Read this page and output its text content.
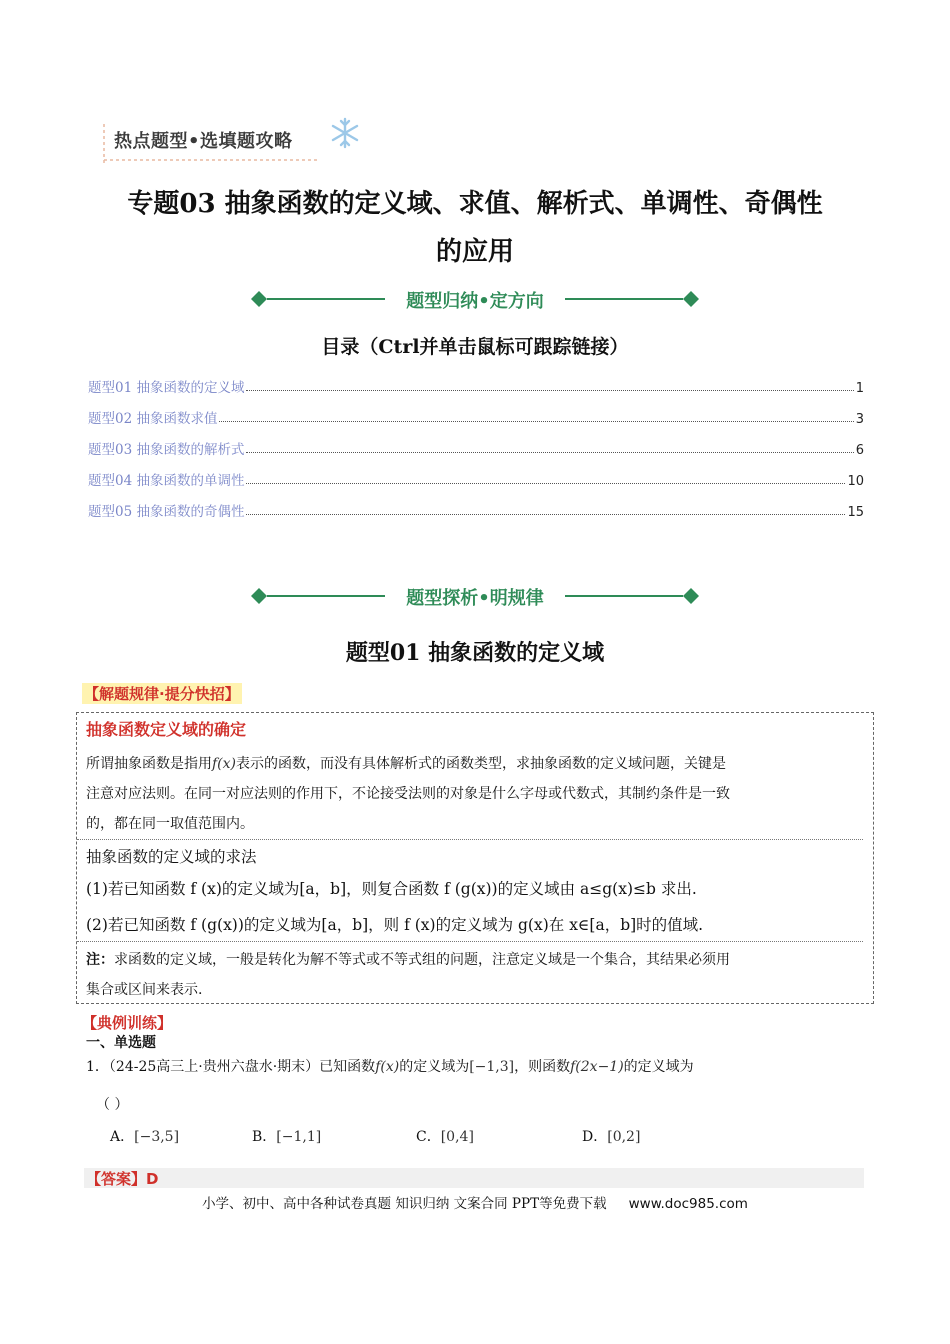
热点题型•选填题攻略
专题03 抽象函数的定义域、求值、解析式、单调性、奇偶性
的应用
题型归纳•定方向
目录（Ctrl并单击鼠标可跟踪链接）
题型01 抽象函数的定义域	1
题型02 抽象函数求值	3
题型03 抽象函数的解析式	6
题型04 抽象函数的单调性	10
题型05 抽象函数的奇偶性	15
题型探析•明规律
题型01 抽象函数的定义域
【解题规律·提分快招】
抽象函数定义域的确定
所谓抽象函数是指用f(x)表示的函数，而没有具体解析式的函数类型，求抽象函数的定义域问题，关键是
注意对应法则。在同一对应法则的作用下，不论接受法则的对象是什么字母或代数式，其制约条件是一致
的，都在同一取值范围内。
抽象函数的定义域的求法
(1)若已知函数 f (x)的定义域为[a，b]，则复合函数 f (g(x))的定义域由 a≤g(x)≤b 求出.
(2)若已知函数 f (g(x))的定义域为[a，b]，则 f (x)的定义域为 g(x)在 x∈[a，b]时的值域.
注：求函数的定义域，一般是转化为解不等式或不等式组的问题，注意定义域是一个集合，其结果必须用
集合或区间来表示.
【典例训练】
一、单选题
1．（24-25高三上·贵州六盘水·期末）已知函数f(x)的定义域为[−1,3]，则函数f(2x−1)的定义域为
（ ）
A．[−3,5]	B．[−1,1]	C．[0,4]	D．[0,2]
【答案】D
小学、初中、高中各种试卷真题 知识归纳 文案合同 PPT等免费下载 www.doc985.com
